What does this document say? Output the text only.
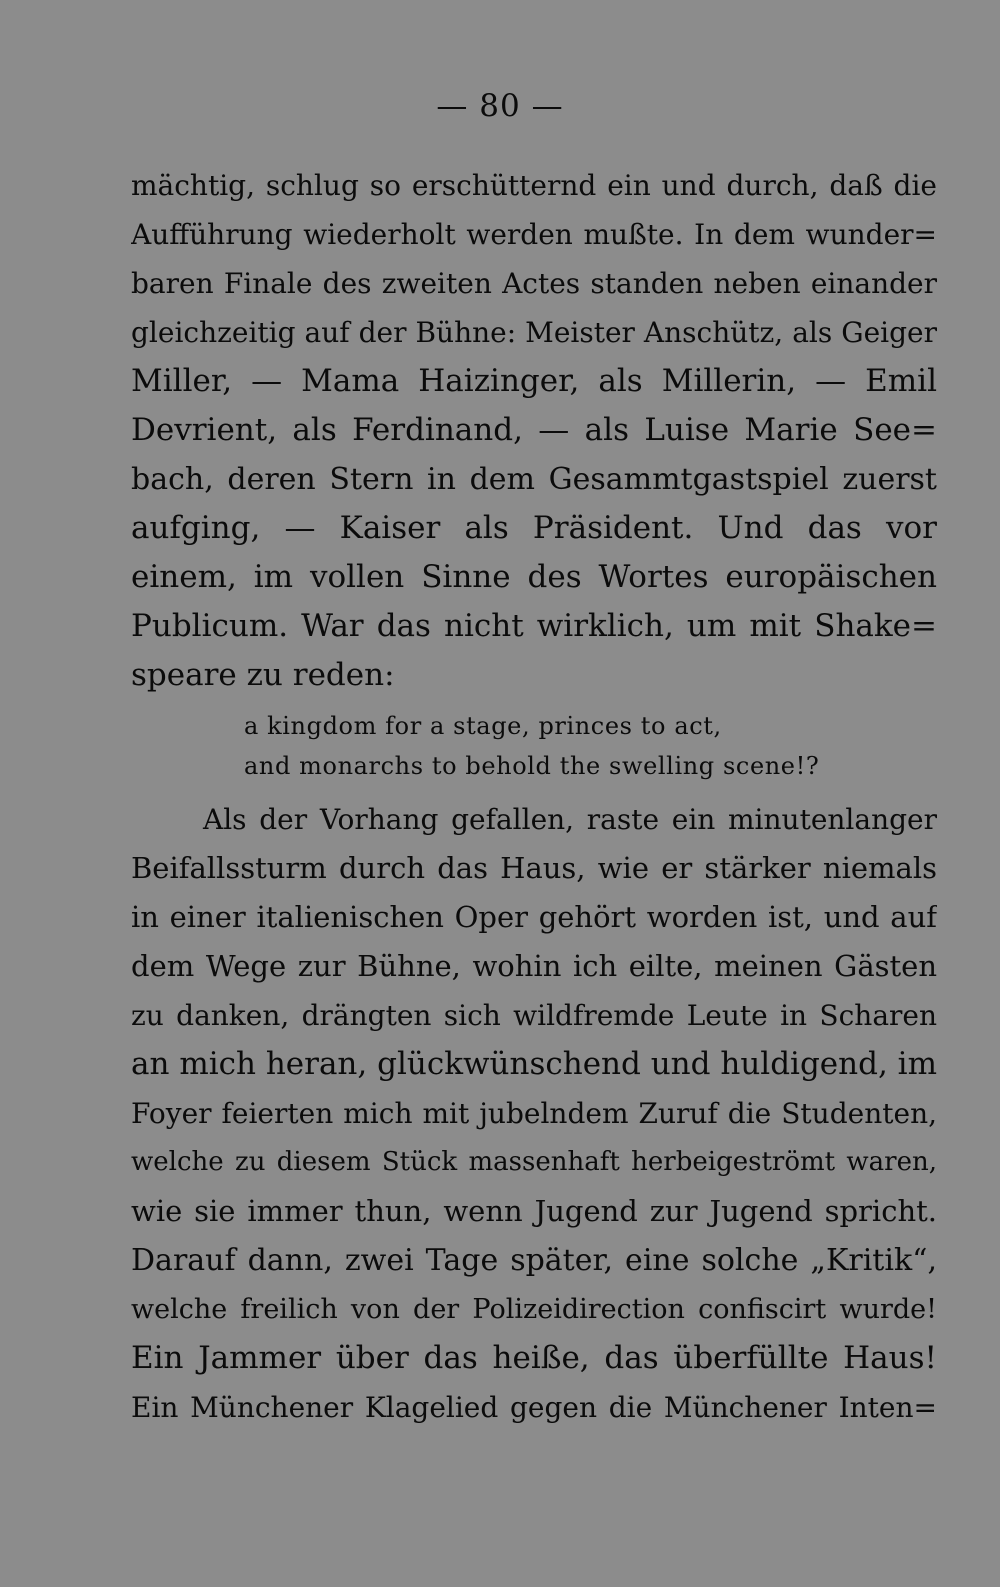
— 80 —
mächtig, schlug so erschütternd ein und durch, daß die
Aufführung wiederholt werden mußte. In dem wunder=
baren Finale des zweiten Actes standen neben einander
gleichzeitig auf der Bühne: Meister Anschütz, als Geiger
Miller, — Mama Haizinger, als Millerin, — Emil
Devrient, als Ferdinand, — als Luise Marie See=
bach, deren Stern in dem Gesammtgastspiel zuerst
aufging, — Kaiser als Präsident. Und das vor
einem, im vollen Sinne des Wortes europäischen
Publicum. War das nicht wirklich, um mit Shake=
speare zu reden:
a kingdom for a stage, princes to act,
and monarchs to behold the swelling scene!?
Als der Vorhang gefallen, raste ein minutenlanger
Beifallssturm durch das Haus, wie er stärker niemals
in einer italienischen Oper gehört worden ist, und auf
dem Wege zur Bühne, wohin ich eilte, meinen Gästen
zu danken, drängten sich wildfremde Leute in Scharen
an mich heran, glückwünschend und huldigend, im
Foyer feierten mich mit jubelndem Zuruf die Studenten,
welche zu diesem Stück massenhaft herbeigeströmt waren,
wie sie immer thun, wenn Jugend zur Jugend spricht.
Darauf dann, zwei Tage später, eine solche „Kritik“,
welche freilich von der Polizeidirection confiscirt wurde!
Ein Jammer über das heiße, das überfüllte Haus!
Ein Münchener Klagelied gegen die Münchener Inten=
